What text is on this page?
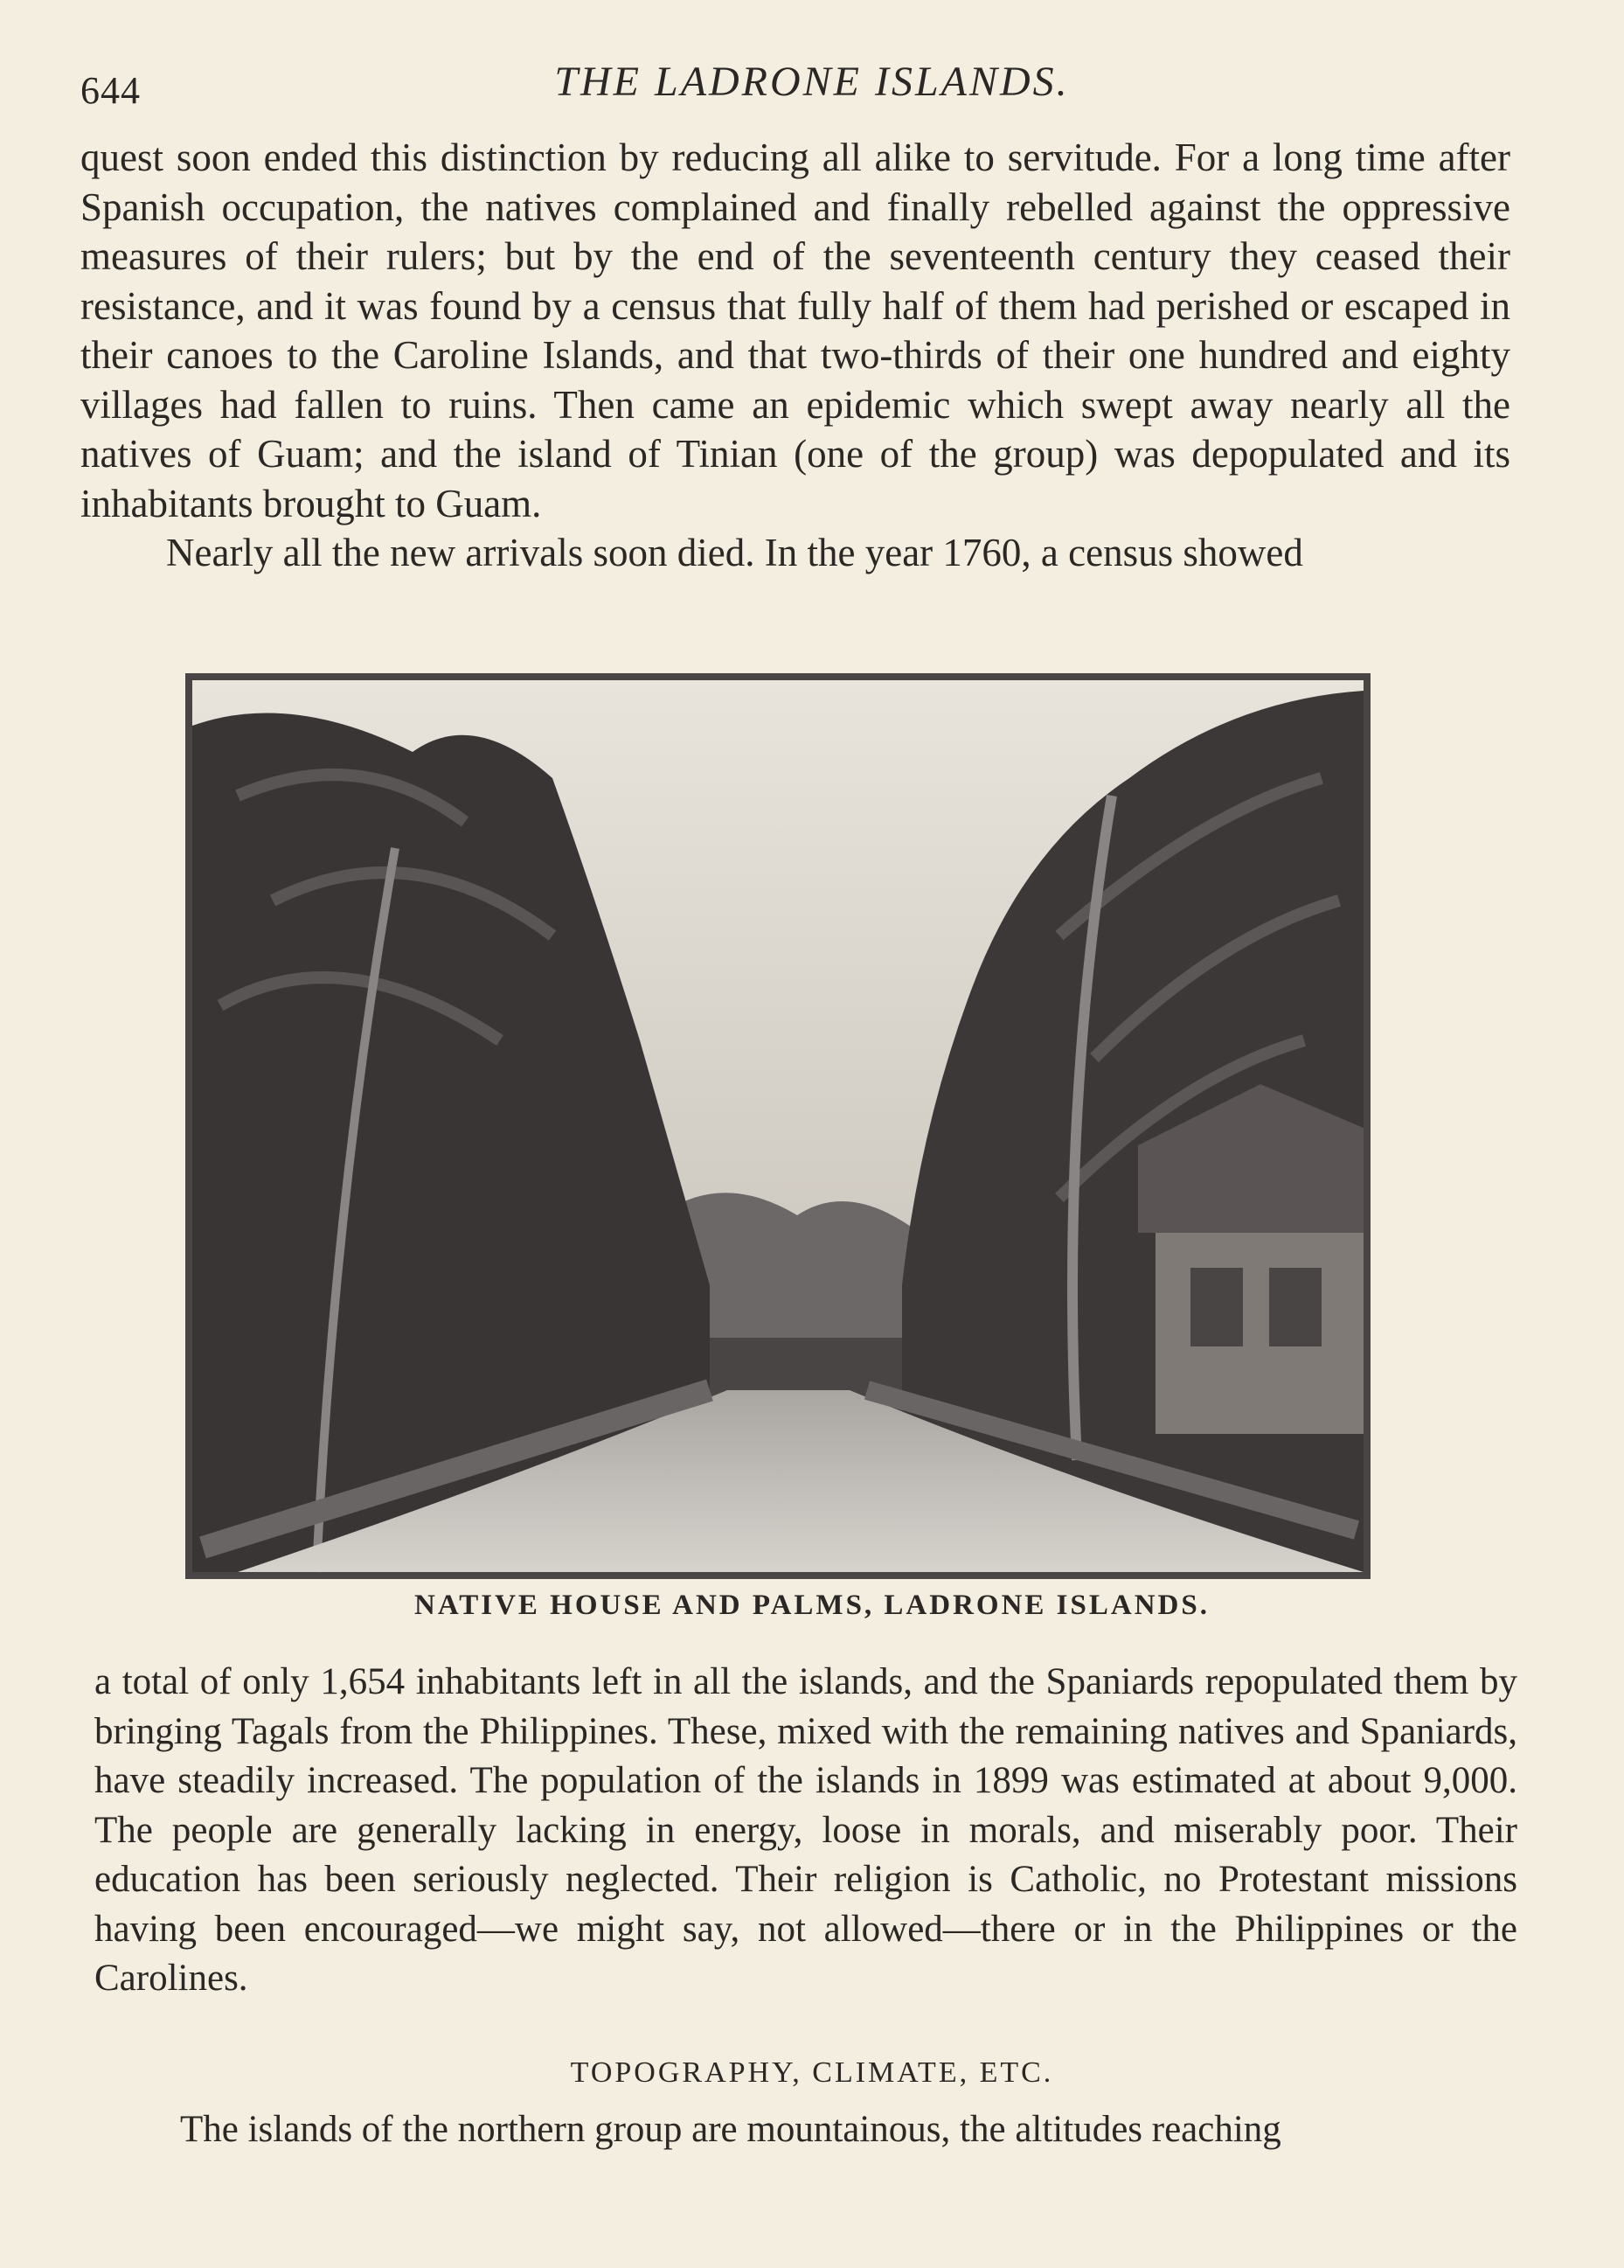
644	THE LADRONE ISLANDS.

quest soon ended this distinction by reducing all alike to servitude. For a long time after Spanish occupation, the natives complained and finally rebelled against the oppressive measures of their rulers; but by the end of the seventeenth century they ceased their resistance, and it was found by a census that fully half of them had perished or escaped in their canoes to the Caroline Islands, and that two-thirds of their one hundred and eighty villages had fallen to ruins. Then came an epidemic which swept away nearly all the natives of Guam; and the island of Tinian (one of the group) was depopulated and its inhabitants brought to Guam.

Nearly all the new arrivals soon died. In the year 1760, a census showed

NATIVE HOUSE AND PALMS, LADRONE ISLANDS.

a total of only 1,654 inhabitants left in all the islands, and the Spaniards repopulated them by bringing Tagals from the Philippines. These, mixed with the remaining natives and Spaniards, have steadily increased. The population of the islands in 1899 was estimated at about 9,000. The people are generally lacking in energy, loose in morals, and miserably poor. Their education has been seriously neglected. Their religion is Catholic, no Protestant missions having been encouraged—we might say, not allowed—there or in the Philippines or the Carolines.

TOPOGRAPHY, CLIMATE, ETC.

The islands of the northern group are mountainous, the altitudes reaching
